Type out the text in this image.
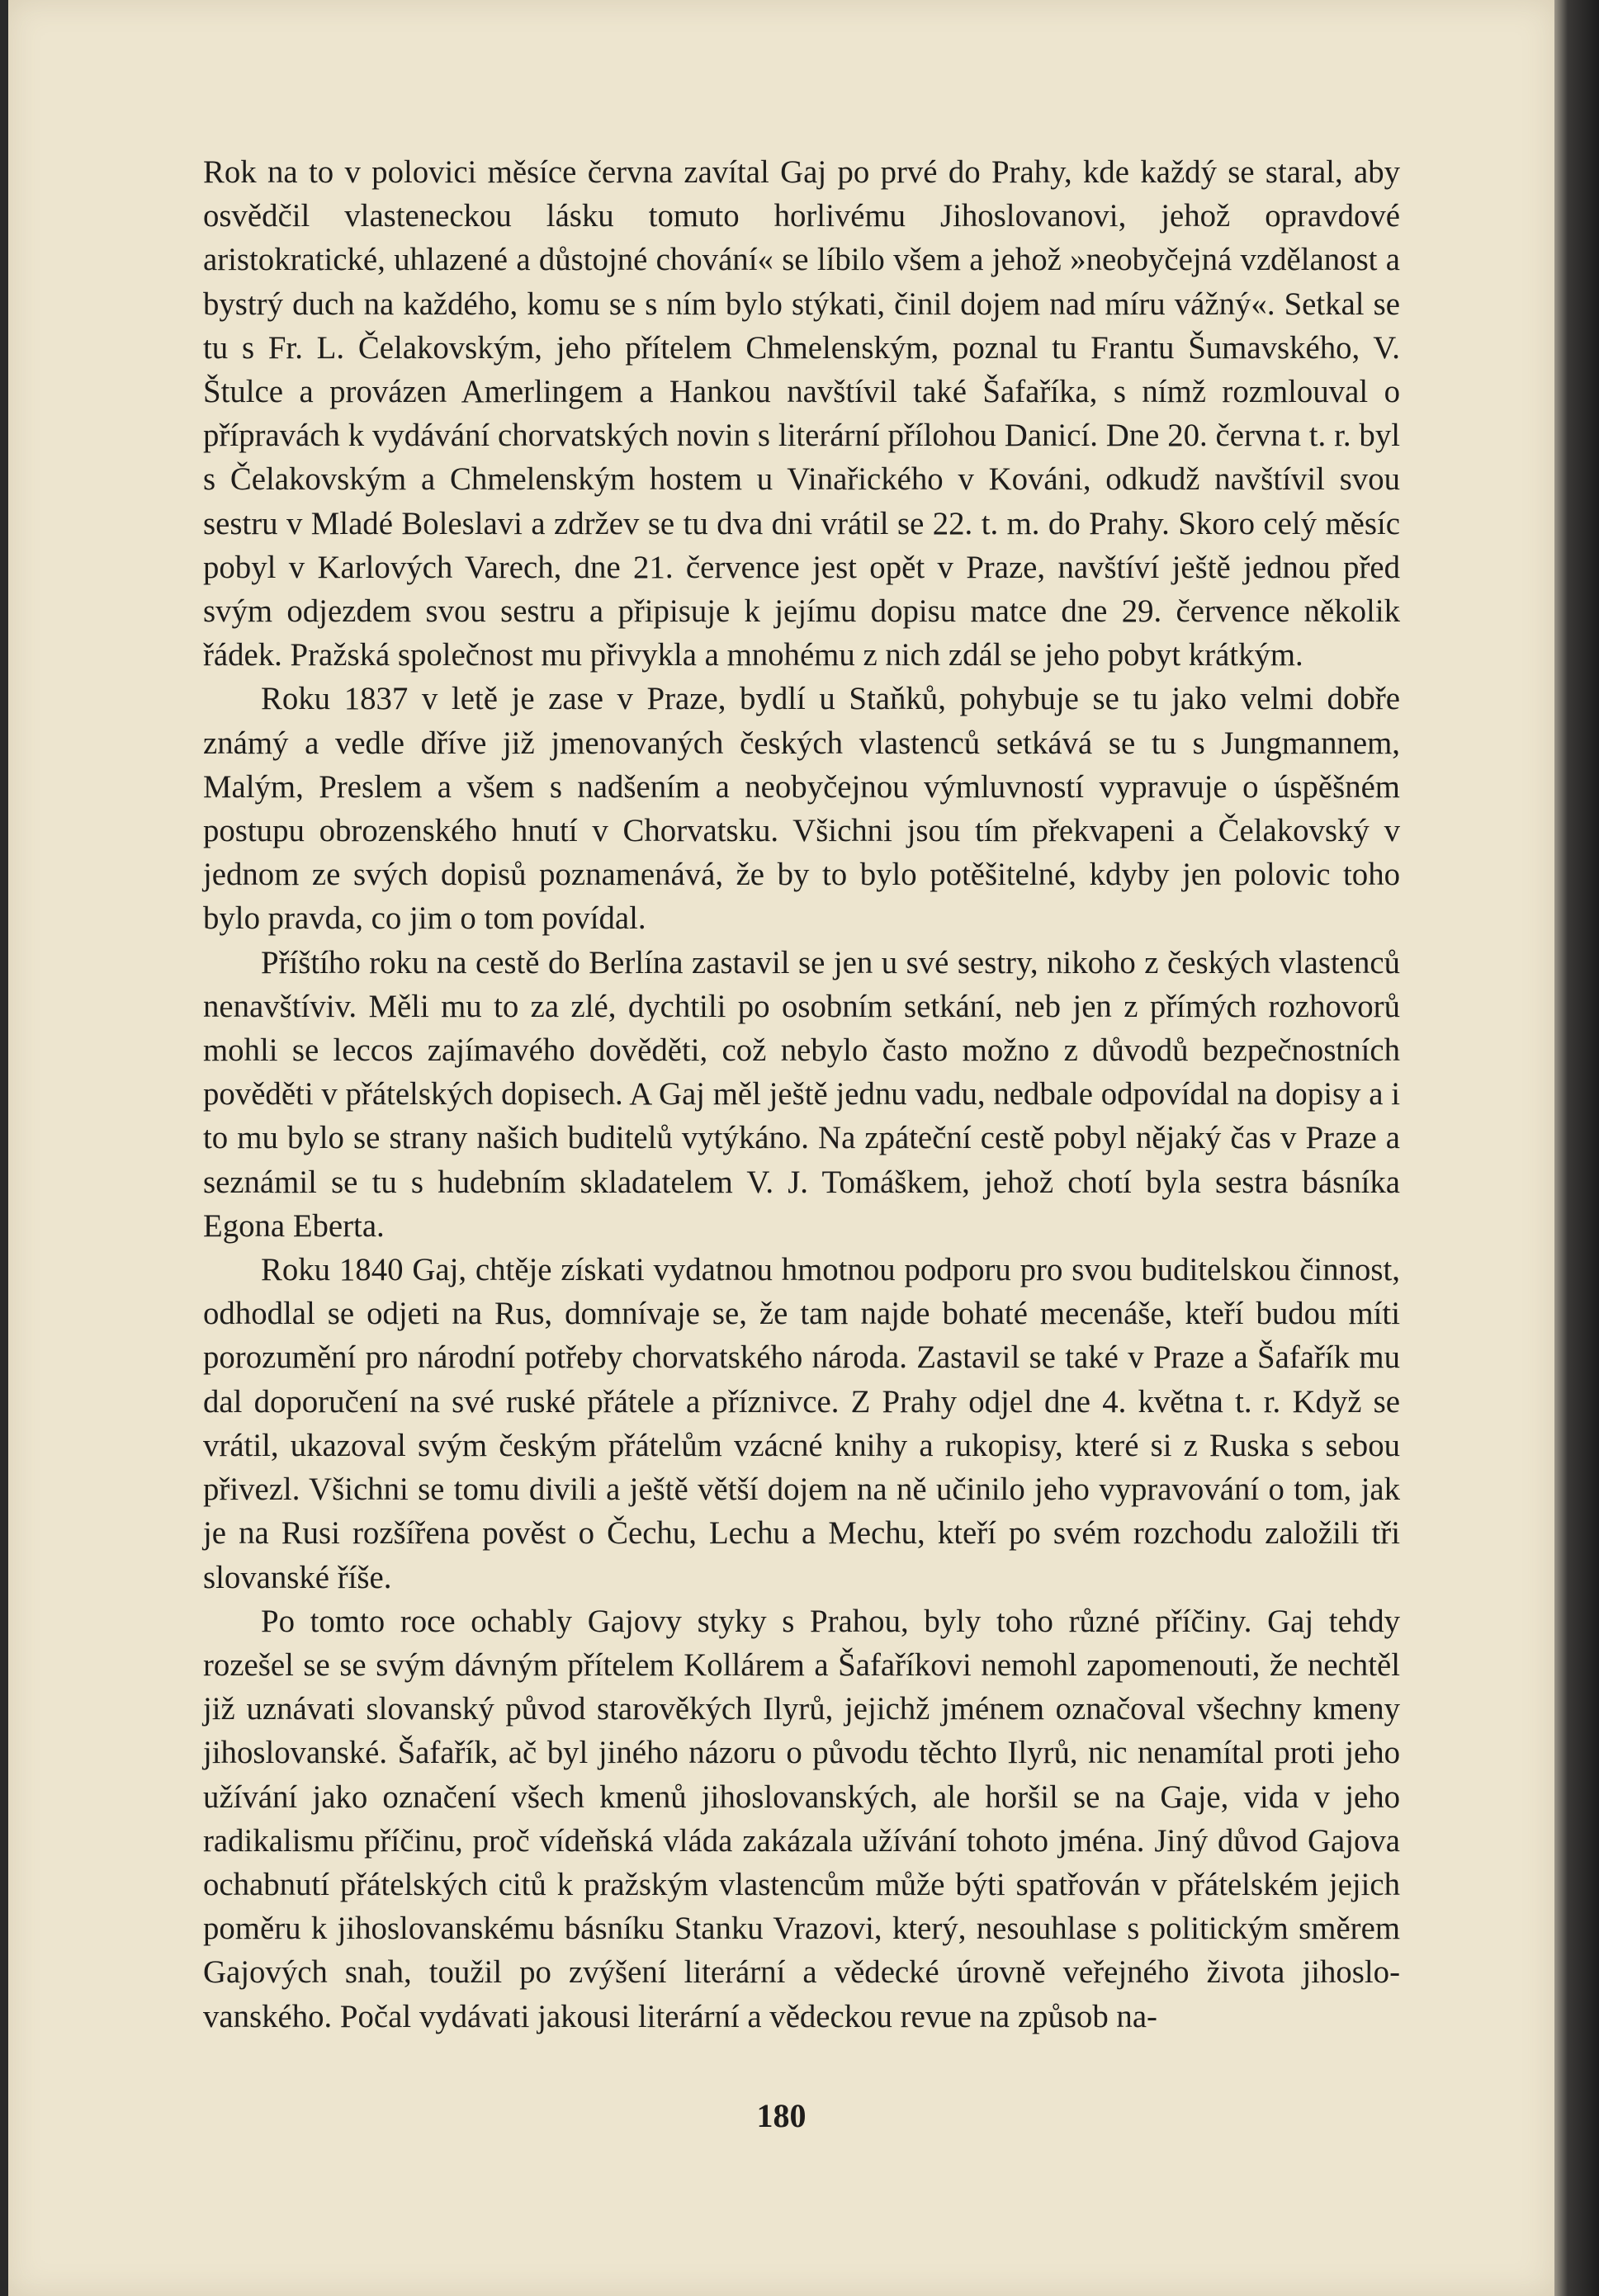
Rok na to v polovici měsíce června zavítal Gaj po prvé do Prahy, kde každý se staral, aby osvědčil vlasteneckou lásku tomuto horlivému Jihoslovanovi, jehož opravdové aristokratické, uhlazené a důstojné chování« se líbilo všem a jehož »neobyčejná vzdělanost a bystrý duch na každého, komu se s ním bylo stýkati, činil dojem nad míru vážný«. Setkal se tu s Fr. L. Čelakovským, jeho přítelem Chmelenským, poznal tu Frantu Šumavského, V. Štulce a provázen Amerlingem a Hankou navštívil také Šafaříka, s nímž rozmlouval o přípravách k vydávání chorvatských novin s literární přílohou Danicí. Dne 20. června t. r. byl s Čelakovským a Chmelenským hostem u Vinařického v Kováni, odkudž navštívil svou sestru v Mladé Boleslavi a zdržev se tu dva dni vrátil se 22. t. m. do Prahy. Skoro celý měsíc pobyl v Karlových Varech, dne 21. července jest opět v Praze, navštíví ještě jednou před svým odjezdem svou sestru a připisuje k jejímu dopisu matce dne 29. července několik řádek. Pražská společnost mu přivykla a mnohému z nich zdál se jeho pobyt krátkým.

Roku 1837 v letě je zase v Praze, bydlí u Staňků, pohybuje se tu jako velmi dobře známý a vedle dříve již jmenovaných českých vlastenců setkává se tu s Jungmannem, Malým, Preslem a všem s nadšením a neobyčejnou výmluvností vypravuje o úspěšném postupu obrozenského hnutí v Chorvatsku. Všichni jsou tím překvapeni a Čelakovský v jednom ze svých dopisů poznamenává, že by to bylo potěšitelné, kdyby jen polovic toho bylo pravda, co jim o tom povídal.

Příštího roku na cestě do Berlína zastavil se jen u své sestry, nikoho z českých vlastenců nenavštíviv. Měli mu to za zlé, dychtili po osobním setkání, neb jen z přímých rozhovorů mohli se leccos zajímavého dověděti, což nebylo často možno z důvodů bezpečnostních pověděti v přátelských dopisech. A Gaj měl ještě jednu vadu, nedbale odpovídal na dopisy a i to mu bylo se strany našich buditelů vytýkáno. Na zpáteční cestě pobyl nějaký čas v Praze a seznámil se tu s hudebním skladatelem V. J. Tomáškem, jehož chotí byla sestra básníka Egona Eberta.

Roku 1840 Gaj, chtěje získati vydatnou hmotnou podporu pro svou buditelskou činnost, odhodlal se odjeti na Rus, domnívaje se, že tam najde bohaté mecenáše, kteří budou míti porozumění pro národní potřeby chorvatského národa. Zastavil se také v Praze a Šafařík mu dal doporučení na své ruské přátele a příznivce. Z Prahy odjel dne 4. května t. r. Když se vrátil, ukazoval svým českým přátelům vzácné knihy a rukopisy, které si z Ruska s sebou přivezl. Všichni se tomu divili a ještě větší dojem na ně učinilo jeho vypravování o tom, jak je na Rusi rozšířena pověst o Čechu, Lechu a Mechu, kteří po svém rozchodu založili tři slovanské říše.

Po tomto roce ochably Gajovy styky s Prahou, byly toho různé příčiny. Gaj tehdy rozešel se se svým dávným přítelem Kollárem a Šafaříkovi nemohl zapomenouti, že nechtěl již uznávati slovanský původ starověkých Ilyrů, jejichž jménem označoval všechny kmeny jihoslovanské. Šafařík, ač byl jiného názoru o původu těchto Ilyrů, nic nenamítal proti jeho užívání jako označení všech kmenů jihoslovanských, ale horšil se na Gaje, vida v jeho radikalismu příčinu, proč vídeňská vláda zakázala užívání tohoto jména. Jiný důvod Gajova ochabnutí přátelských citů k pražským vlastencům může býti spatřován v přátelském jejich poměru k jihoslovanskému básníku Stanku Vrazovi, který, nesouhlase s politickým směrem Gajových snah, toužil po zvýšení literární a vědecké úrovně veřejného života jihoslovanského. Počal vydávati jakousi literární a vědeckou revue na způsob na-

180
